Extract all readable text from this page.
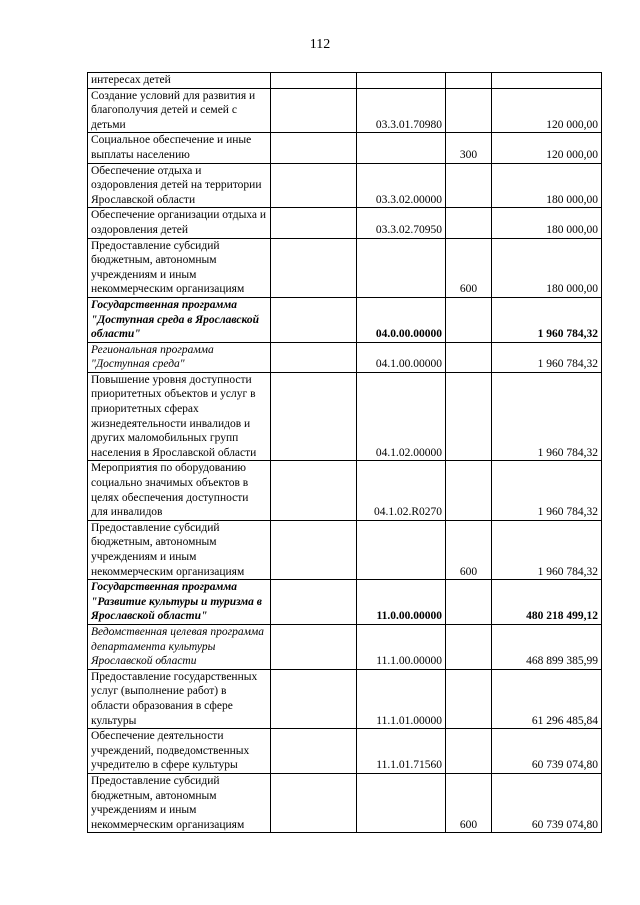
112
интересах детей				
Создание условий для развития и благополучия детей и семей с детьми		03.3.01.70980		120 000,00
Социальное обеспечение и иные выплаты населению			300	120 000,00
Обеспечение отдыха и оздоровления детей на территории Ярославской области		03.3.02.00000		180 000,00
Обеспечение организации отдыха и оздоровления детей		03.3.02.70950		180 000,00
Предоставление субсидий бюджетным, автономным учреждениям и иным некоммерческим организациям			600	180 000,00
Государственная программа "Доступная среда в Ярославской области"		04.0.00.00000		1 960 784,32
Региональная программа "Доступная среда"		04.1.00.00000		1 960 784,32
Повышение уровня доступности приоритетных объектов и услуг в приоритетных сферах жизнедеятельности инвалидов и других маломобильных групп населения в Ярославской области		04.1.02.00000		1 960 784,32
Мероприятия по оборудованию социально значимых объектов в целях обеспечения доступности для инвалидов		04.1.02.R0270		1 960 784,32
Предоставление субсидий бюджетным, автономным учреждениям и иным некоммерческим организациям			600	1 960 784,32
Государственная программа "Развитие культуры и туризма в Ярославской области"		11.0.00.00000		480 218 499,12
Ведомственная целевая программа департамента культуры Ярославской области		11.1.00.00000		468 899 385,99
Предоставление государственных услуг (выполнение работ) в области образования в сфере культуры		11.1.01.00000		61 296 485,84
Обеспечение деятельности учреждений, подведомственных учредителю в сфере культуры		11.1.01.71560		60 739 074,80
Предоставление субсидий бюджетным, автономным учреждениям и иным некоммерческим организациям			600	60 739 074,80
